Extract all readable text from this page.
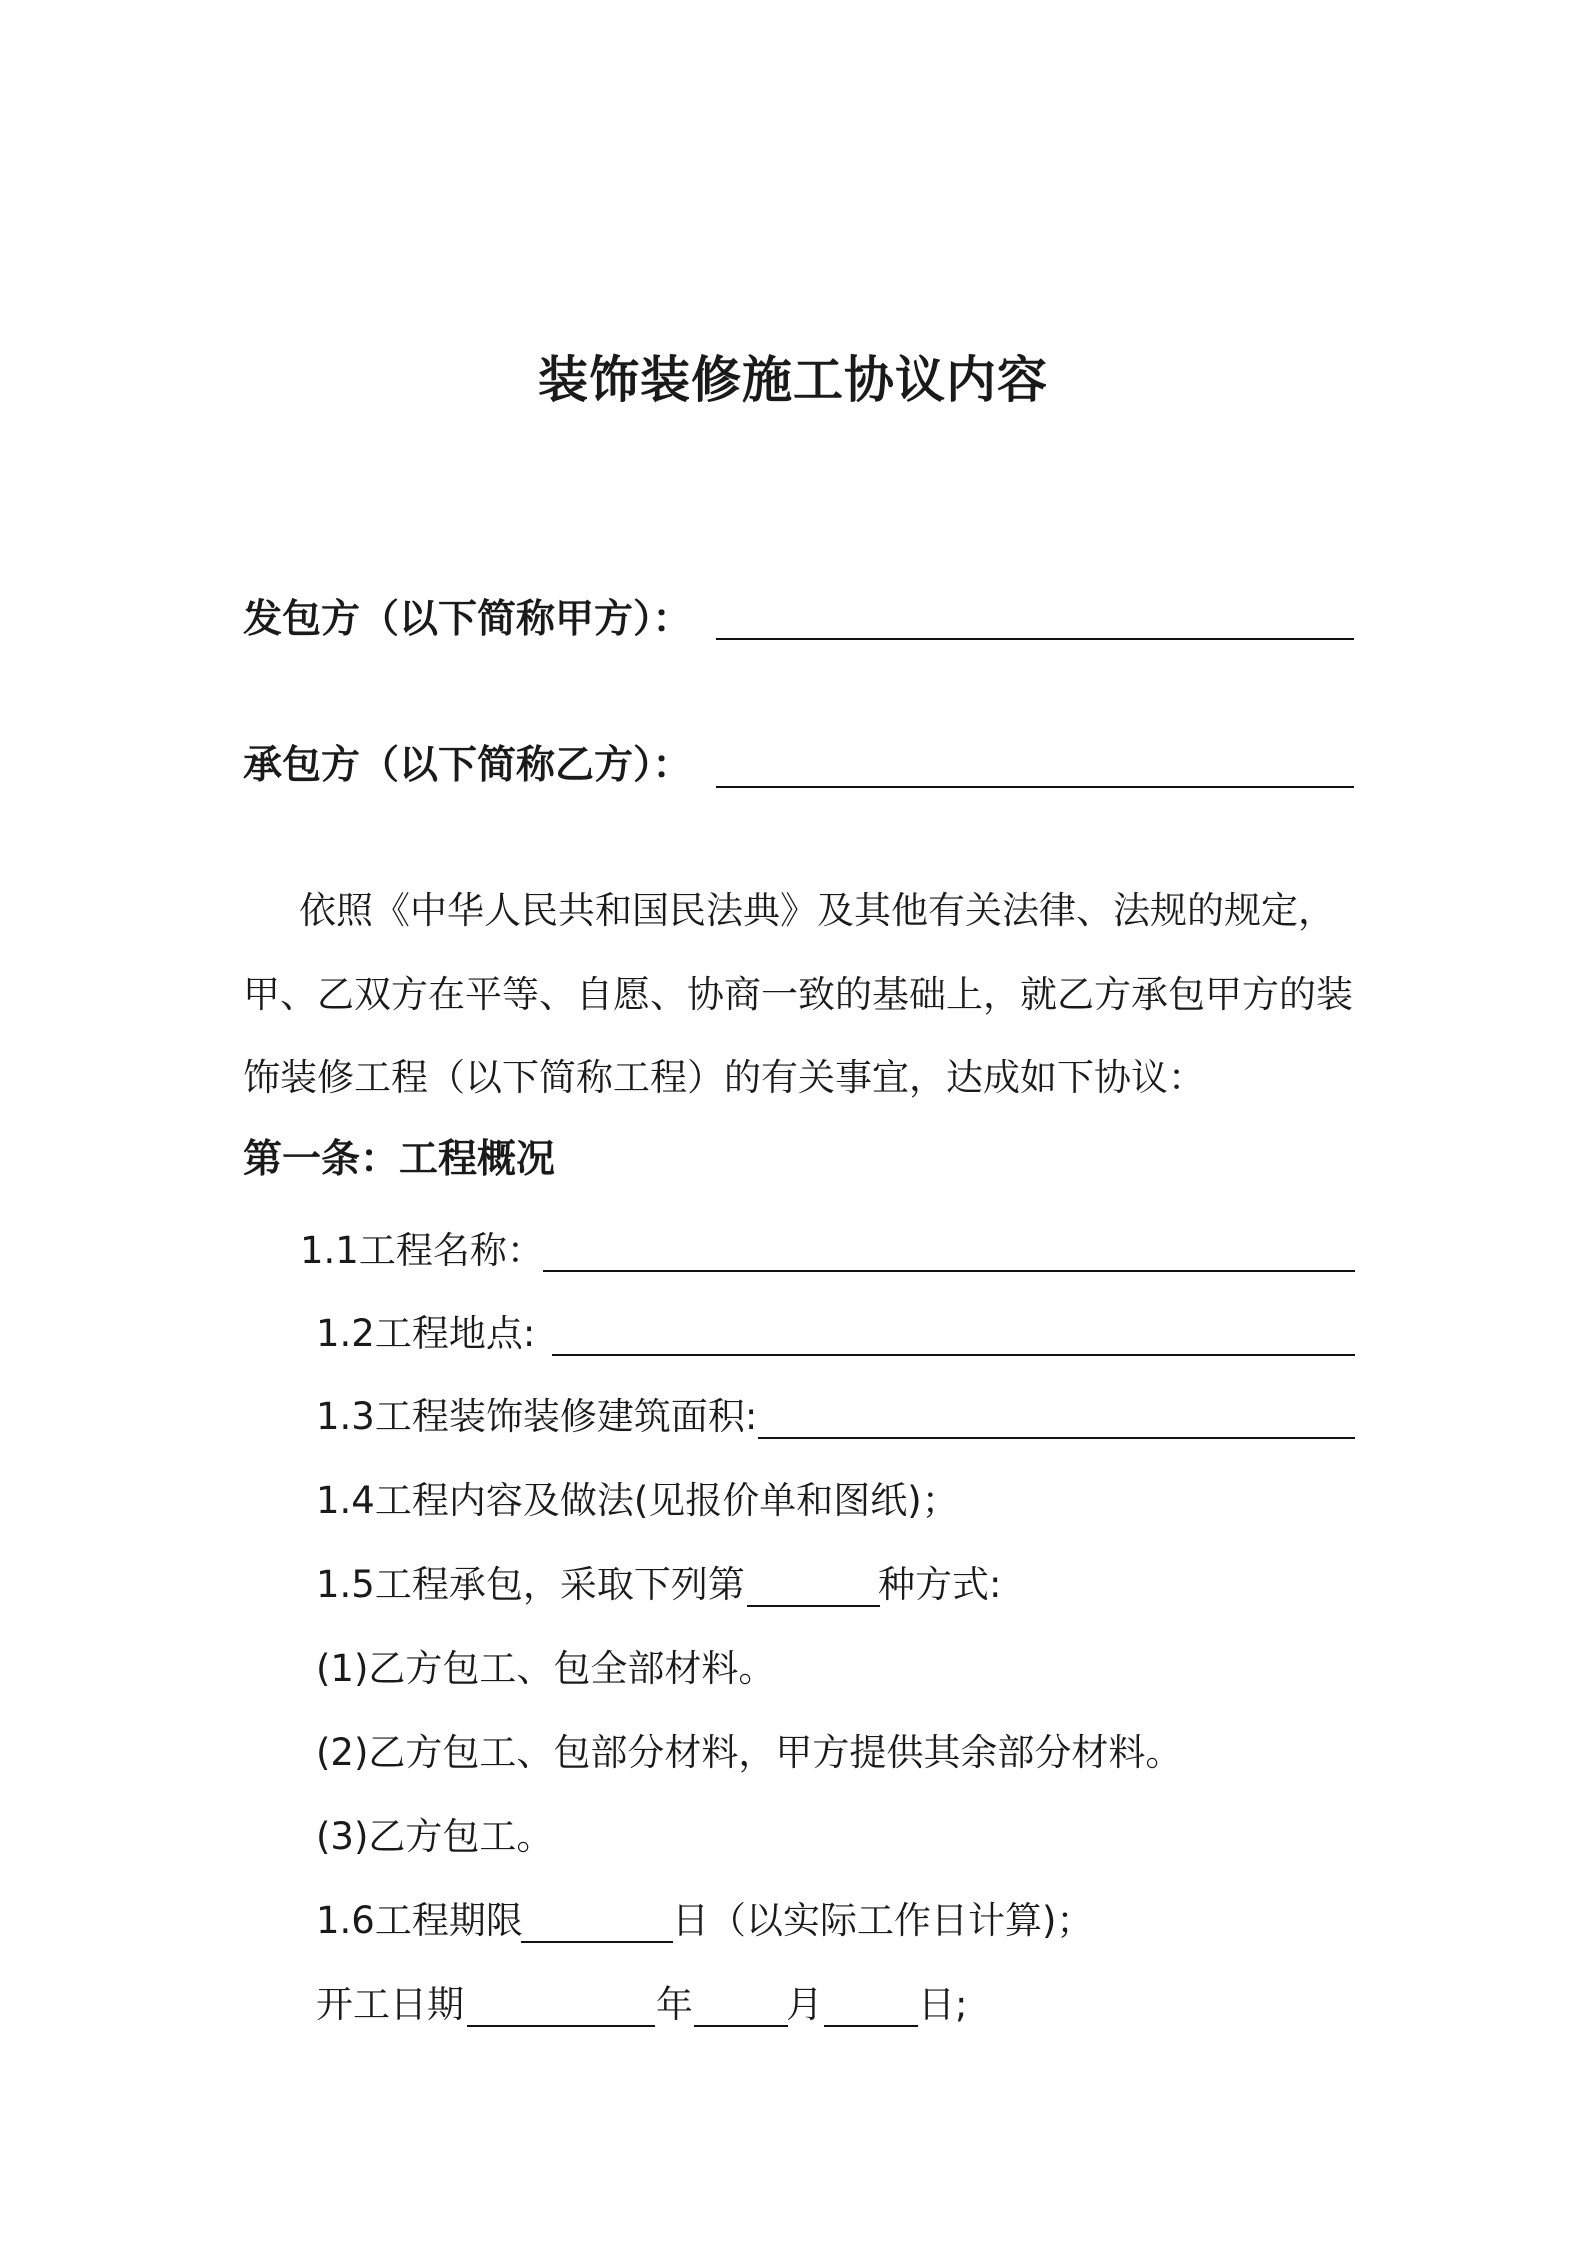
装饰装修施工协议内容
发包方（以下简称甲方）：
承包方（以下简称乙方）：
依照《中华人民共和国民法典》及其他有关法律、法规的规定，
甲、乙双方在平等、自愿、协商一致的基础上，就乙方承包甲方的装
饰装修工程（以下简称工程）的有关事宜，达成如下协议：
第一条：工程概况
1.1工程名称：
1.2工程地点:
1.3工程装饰装修建筑面积:
1.4工程内容及做法(见报价单和图纸)；
1.5工程承包，采取下列第	种方式:
(1)乙方包工、包全部材料。
(2)乙方包工、包部分材料，甲方提供其余部分材料。
(3)乙方包工。
1.6工程期限	日（以实际工作日计算)；
开工日期	年	月	日;
